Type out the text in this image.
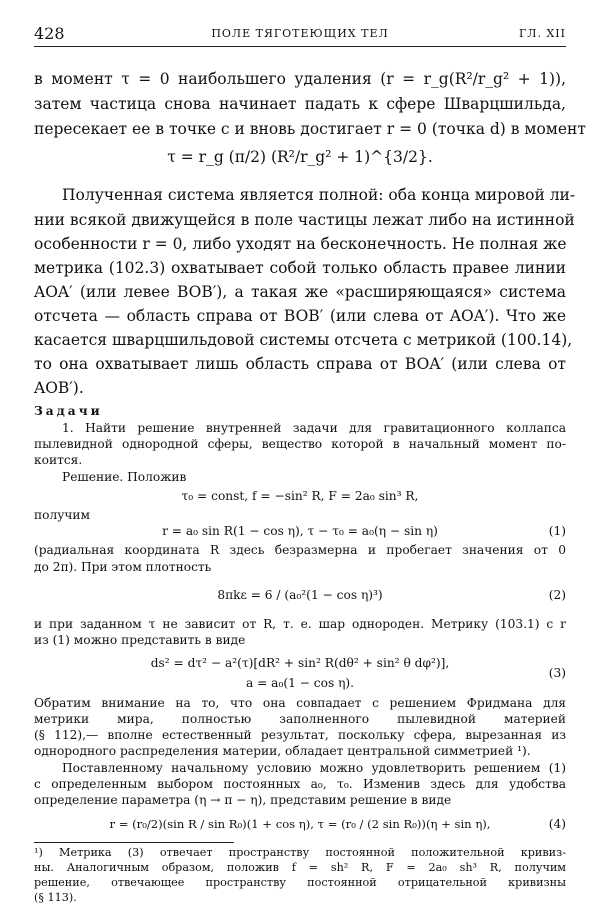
428	ПОЛЕ ТЯГОТЕЮЩИХ ТЕЛ	ГЛ. XII
в момент τ = 0 наибольшего удаления (r = r_g(R²/r_g² + 1)),
затем частица снова начинает падать к сфере Шварцшильда,
пересекает ее в точке c и вновь достигает r = 0 (точка d) в момент
τ = r_g (π/2) (R²/r_g² + 1)^{3/2}.
Полученная система является полной: оба конца мировой ли-
нии всякой движущейся в поле частицы лежат либо на истинной
особенности r = 0, либо уходят на бесконечность. Не полная же
метрика (102.3) охватывает собой только область правее линии
AOA′ (или левее BOB′), а такая же «расширяющаяся» система
отсчета — область справа от BOB′ (или слева от AOA′). Что же
касается шварцшильдовой системы отсчета с метрикой (100.14),
то она охватывает лишь область справа от BOA′ (или слева от
AOB′).
Задачи
1. Найти решение внутренней задачи для гравитационного коллапса
пылевидной однородной сферы, вещество которой в начальный момент по-
коится.
Решение. Положив
τ₀ = const, f = −sin² R, F = 2a₀ sin³ R,
получим
r = a₀ sin R(1 − cos η), τ − τ₀ = a₀(η − sin η)	(1)
(радиальная координата R здесь безразмерна и пробегает значения от 0
до 2π). При этом плотность
8πkε = 6 / (a₀²(1 − cos η)³)	(2)
и при заданном τ не зависит от R, т. е. шар однороден. Метрику (103.1) с r
из (1) можно представить в виде
ds² = dτ² − a²(τ)[dR² + sin² R(dθ² + sin² θ dφ²)],
a = a₀(1 − cos η).
(3)
Обратим внимание на то, что она совпадает с решением Фридмана для
метрики мира, полностью заполненного пылевидной материей
(§ 112),— вполне естественный результат, поскольку сфера, вырезанная из
однородного распределения материи, обладает центральной симметрией ¹).
Поставленному начальному условию можно удовлетворить решением (1)
с определенным выбором постоянных a₀, τ₀. Изменив здесь для удобства
определение параметра (η → π − η), представим решение в виде
r = (r₀/2)(sin R / sin R₀)(1 + cos η), τ = (r₀ / (2 sin R₀))(η + sin η),	(4)
¹) Метрика (3) отвечает пространству постоянной положительной кривиз-
ны. Аналогичным образом, положив f = sh² R, F = 2a₀ sh³ R, получим
решение, отвечающее пространству постоянной отрицательной кривизны
(§ 113).
